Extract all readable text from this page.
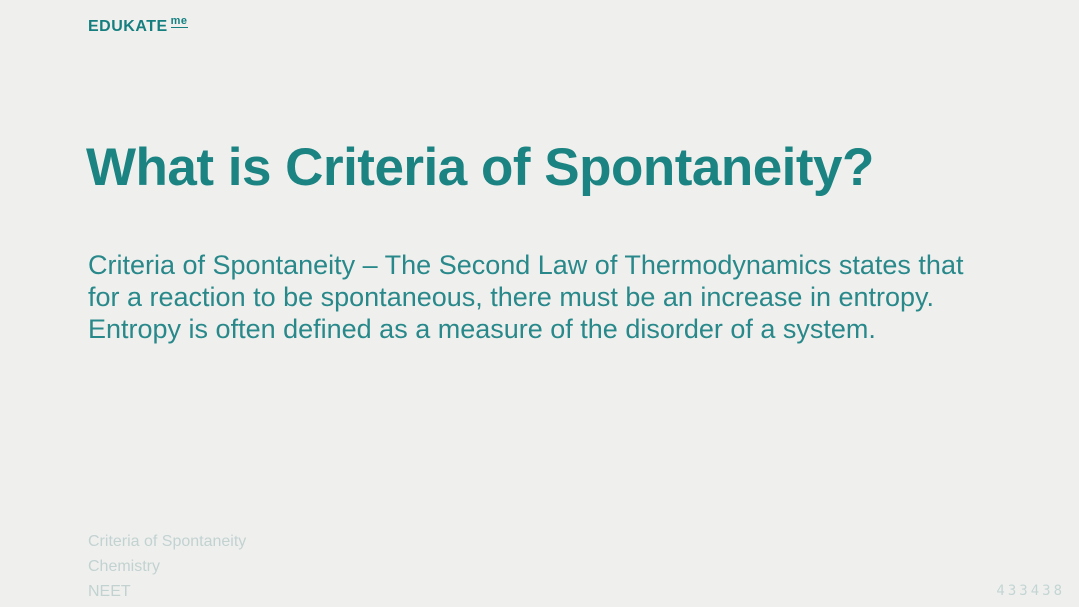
EDUKATE me
What is Criteria of Spontaneity?

Criteria of Spontaneity – The Second Law of Thermodynamics states that for a reaction to be spontaneous, there must be an increase in entropy. Entropy is often defined as a measure of the disorder of a system.

Criteria of Spontaneity
Chemistry
NEET	433438
